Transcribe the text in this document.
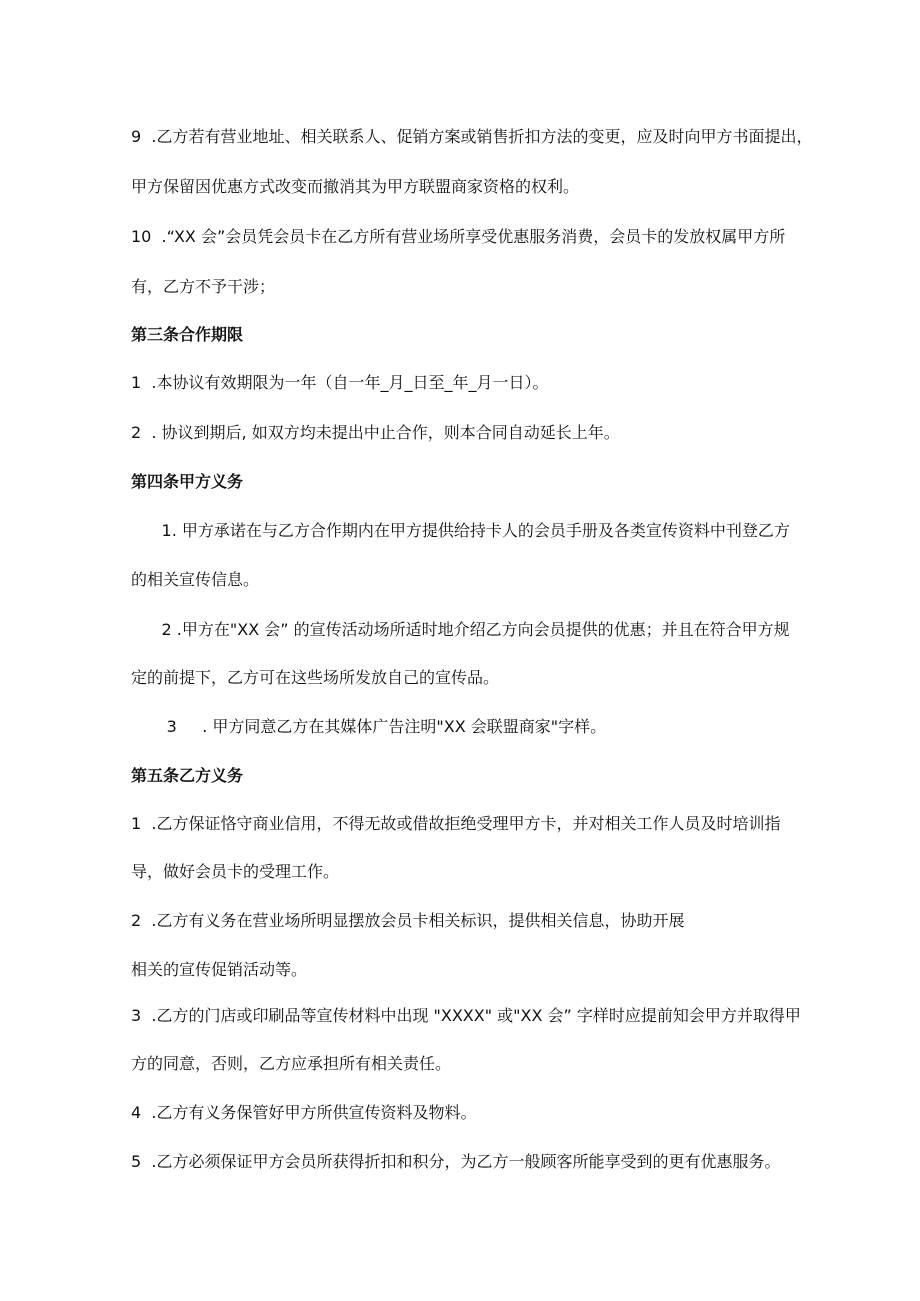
9  .乙方若有营业地址、相关联系人、促销方案或销售折扣方法的变更，应及时向甲方书面提出，
甲方保留因优惠方式改变而撤消其为甲方联盟商家资格的权利。
10  .“XX 会”会员凭会员卡在乙方所有营业场所享受优惠服务消费，会员卡的发放权属甲方所
有，乙方不予干涉；
第三条合作期限
1  .本协议有效期限为一年（自一年_月_日至_年_月一日）。
2  . 协议到期后, 如双方均未提出中止合作，则本合同自动延长上年。
第四条甲方义务
1. 甲方承诺在与乙方合作期内在甲方提供给持卡人的会员手册及各类宣传资料中刊登乙方
的相关宣传信息。
2 .甲方在"XX 会” 的宣传活动场所适时地介绍乙方向会员提供的优惠；并且在符合甲方规
定的前提下，乙方可在这些场所发放自己的宣传品。
3     . 甲方同意乙方在其媒体广告注明"XX 会联盟商家"字样。
第五条乙方义务
1  .乙方保证恪守商业信用，不得无故或借故拒绝受理甲方卡，并对相关工作人员及时培训指
导，做好会员卡的受理工作。
2  .乙方有义务在营业场所明显摆放会员卡相关标识，提供相关信息，协助开展
相关的宣传促销活动等。
3  .乙方的门店或印刷品等宣传材料中出现 "XXXX" 或"XX 会” 字样时应提前知会甲方并取得甲
方的同意，否则，乙方应承担所有相关责任。
4  .乙方有义务保管好甲方所供宣传资料及物料。
5  .乙方必须保证甲方会员所获得折扣和积分，为乙方一般顾客所能享受到的更有优惠服务。
